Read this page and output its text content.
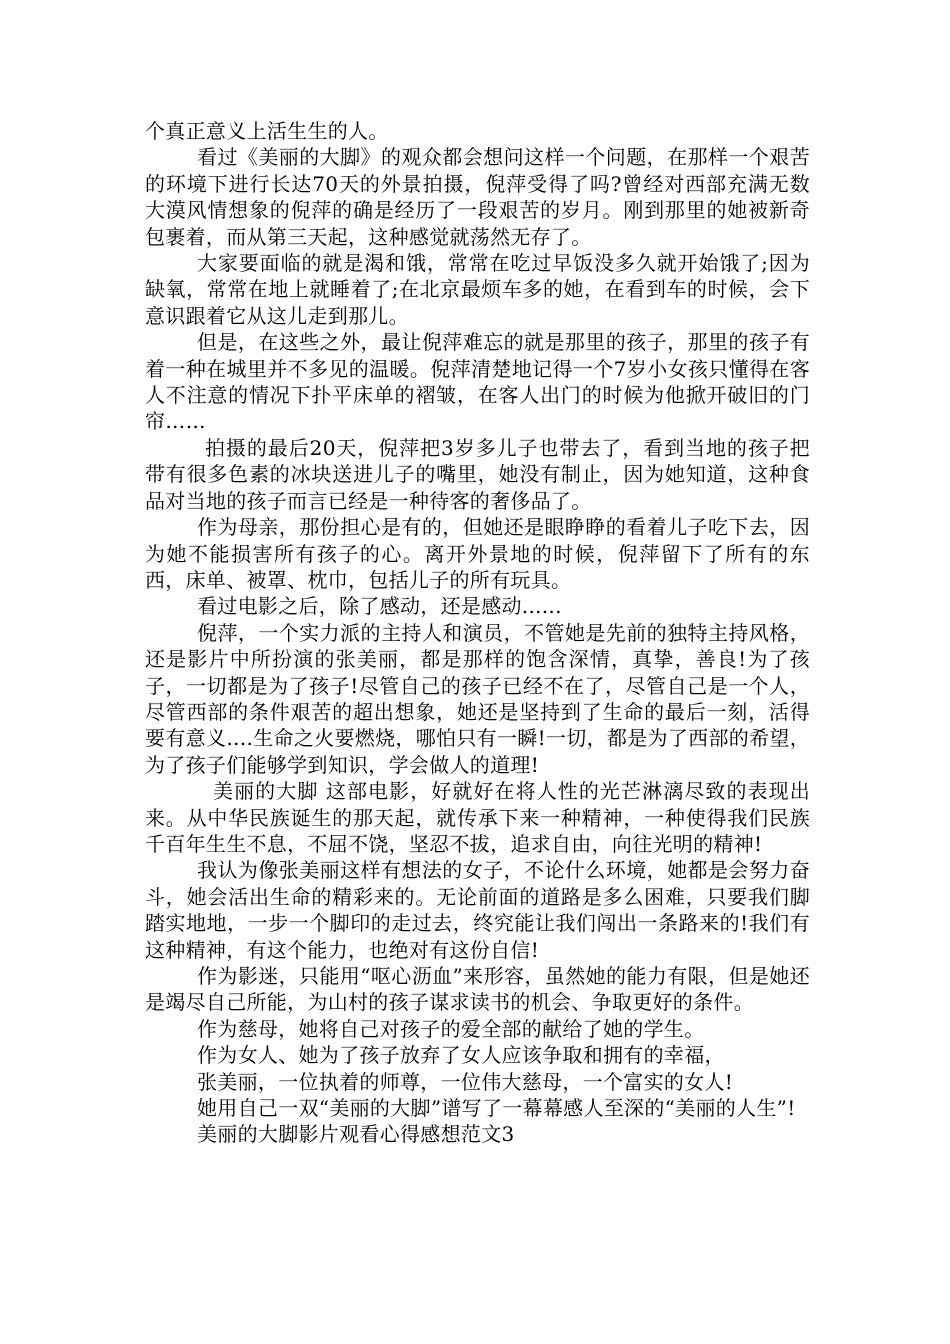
个真正意义上活生生的人。

看过《美丽的大脚》的观众都会想问这样一个问题，在那样一个艰苦的环境下进行长达70天的外景拍摄，倪萍受得了吗?曾经对西部充满无数大漠风情想象的倪萍的确是经历了一段艰苦的岁月。刚到那里的她被新奇包裹着，而从第三天起，这种感觉就荡然无存了。

大家要面临的就是渴和饿，常常在吃过早饭没多久就开始饿了;因为缺氧，常常在地上就睡着了;在北京最烦车多的她，在看到车的时候，会下意识跟着它从这儿走到那儿。

但是，在这些之外，最让倪萍难忘的就是那里的孩子，那里的孩子有着一种在城里并不多见的温暖。倪萍清楚地记得一个7岁小女孩只懂得在客人不注意的情况下扑平床单的褶皱，在客人出门的时候为他掀开破旧的门帘……

拍摄的最后20天，倪萍把3岁多儿子也带去了，看到当地的孩子把带有很多色素的冰块送进儿子的嘴里，她没有制止，因为她知道，这种食品对当地的孩子而言已经是一种待客的奢侈品了。

作为母亲，那份担心是有的，但她还是眼睁睁的看着儿子吃下去，因为她不能损害所有孩子的心。离开外景地的时候，倪萍留下了所有的东西，床单、被罩、枕巾，包括儿子的所有玩具。

看过电影之后，除了感动，还是感动......

倪萍，一个实力派的主持人和演员，不管她是先前的独特主持风格，还是影片中所扮演的张美丽，都是那样的饱含深情，真挚，善良!为了孩子，一切都是为了孩子!尽管自己的孩子已经不在了，尽管自己是一个人，尽管西部的条件艰苦的超出想象，她还是坚持到了生命的最后一刻，活得要有意义….生命之火要燃烧，哪怕只有一瞬!一切，都是为了西部的希望，为了孩子们能够学到知识，学会做人的道理!

美丽的大脚 这部电影，好就好在将人性的光芒淋漓尽致的表现出来。从中华民族诞生的那天起，就传承下来一种精神，一种使得我们民族千百年生生不息，不屈不饶，坚忍不拔，追求自由，向往光明的精神!

我认为像张美丽这样有想法的女子，不论什么环境，她都是会努力奋斗，她会活出生命的精彩来的。无论前面的道路是多么困难，只要我们脚踏实地地，一步一个脚印的走过去，终究能让我们闯出一条路来的!我们有这种精神，有这个能力，也绝对有这份自信!

作为影迷，只能用“呕心沥血”来形容，虽然她的能力有限，但是她还是竭尽自己所能，为山村的孩子谋求读书的机会、争取更好的条件。

作为慈母，她将自己对孩子的爱全部的献给了她的学生。

作为女人、她为了孩子放弃了女人应该争取和拥有的幸福，

张美丽，一位执着的师尊，一位伟大慈母，一个富实的女人!

她用自己一双“美丽的大脚”谱写了一幕幕感人至深的“美丽的人生”!

美丽的大脚影片观看心得感想范文3
